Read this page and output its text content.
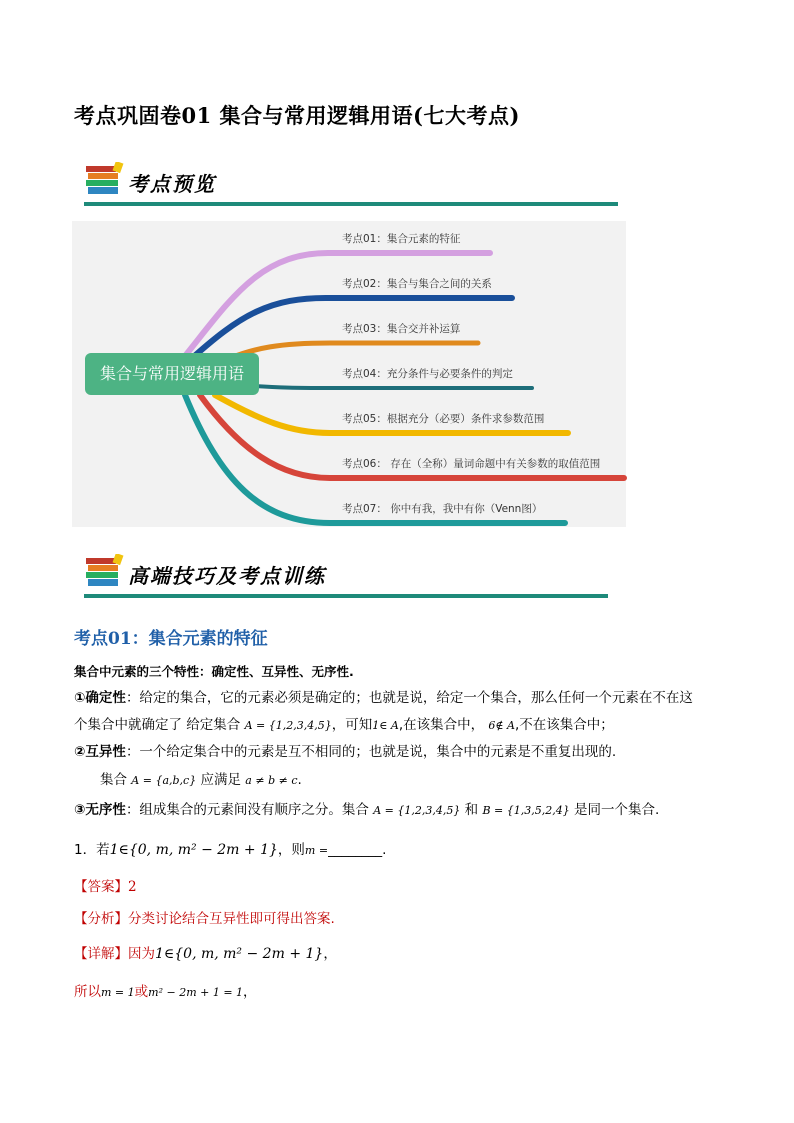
考点巩固卷01 集合与常用逻辑用语(七大考点)
考点预览
集合与常用逻辑用语
考点01：集合元素的特征
考点02：集合与集合之间的关系
考点03：集合交并补运算
考点04：充分条件与必要条件的判定
考点05：根据充分（必要）条件求参数范围
考点06： 存在（全称）量词命题中有关参数的取值范围
考点07： 你中有我，我中有你（Venn图）
高端技巧及考点训练
考点01：集合元素的特征
集合中元素的三个特性：确定性、互异性、无序性.
①确定性：给定的集合，它的元素必须是确定的；也就是说，给定一个集合，那么任何一个元素在不在这
个集合中就确定了 给定集合 A = {1,2,3,4,5}，可知1∈ A,在该集合中， 6∉ A,不在该集合中；
②互异性：一个给定集合中的元素是互不相同的；也就是说，集合中的元素是不重复出现的.
集合 A = {a,b,c} 应满足 a ≠ b ≠ c.
③无序性：组成集合的元素间没有顺序之分。集合 A = {1,2,3,4,5} 和 B = {1,3,5,2,4} 是同一个集合.
1．若1∈{0, m, m² − 2m + 1}，则m =________.
【答案】2
【分析】分类讨论结合互异性即可得出答案.
【详解】因为1∈{0, m, m² − 2m + 1}，
所以m = 1或m² − 2m + 1 = 1，
